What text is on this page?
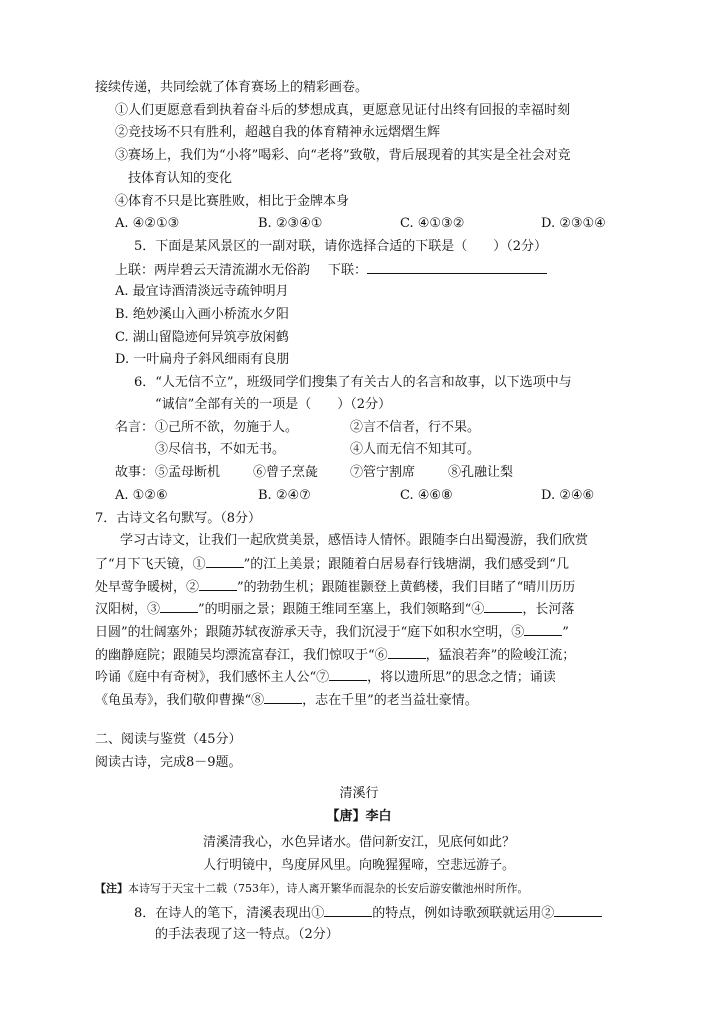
接续传递，共同绘就了体育赛场上的精彩画卷。
①人们更愿意看到执着奋斗后的梦想成真，更愿意见证付出终有回报的幸福时刻
②竞技场不只有胜利，超越自我的体育精神永远熠熠生辉
③赛场上，我们为“小将”喝彩、向“老将”致敬，背后展现着的其实是全社会对竞
技体育认知的变化
④体育不只是比赛胜败，相比于金牌本身
A. ④②①③	B. ②③④①	C. ④①③②	D. ②③①④
5．下面是某风景区的一副对联，请你选择合适的下联是（　　）（2分）
上联：两岸碧云天清流湖水无俗韵 下联：
A. 最宜诗酒清淡远寺疏钟明月
B. 绝妙溪山入画小桥流水夕阳
C. 湖山留隐迹何异筑亭放闲鹤
D. 一叶扁舟子斜风细雨有良朋
6．“人无信不立”，班级同学们搜集了有关古人的名言和故事，以下选项中与
“诚信”全部有关的一项是（　　）（2分）
名言： ①己所不欲，勿施于人。	②言不信者，行不果。
③尽信书，不如无书。	④人而无信不知其可。
故事： ⑤孟母断机	⑥曾子烹彘 ⑦管宁割席	⑧孔融让梨
A. ①②⑥	B. ②④⑦	C. ④⑥⑧	D. ②④⑥
7．古诗文名句默写。（8分）
学习古诗文，让我们一起欣赏美景，感悟诗人情怀。跟随李白出蜀漫游，我们欣赏
了“月下飞天镜，①	”的江上美景；跟随着白居易春行钱塘湖，我们感受到“几
处早莺争暖树，②	”的勃勃生机；跟随崔颢登上黄鹤楼，我们目睹了“晴川历历
汉阳树，③	”的明丽之景；跟随王维同至塞上，我们领略到“④	，长河落
日圆”的壮阔塞外；跟随苏轼夜游承天寺，我们沉浸于“庭下如积水空明，⑤	”
的幽静庭院；跟随吴均漂流富春江，我们惊叹于“⑥	，猛浪若奔”的险峻江流；
吟诵《庭中有奇树》，我们感怀主人公“⑦	，将以遗所思”的思念之情；诵读
《龟虽寿》，我们敬仰曹操“⑧	，志在千里”的老当益壮豪情。
二、阅读与鉴赏（45分）
阅读古诗，完成8－9题。
清溪行
【唐】李白
清溪清我心，水色异诸水。借问新安江，见底何如此？
人行明镜中，鸟度屏风里。向晚猩猩啼，空悲远游子。
【注】本诗写于天宝十二载（753年），诗人离开繁华而混杂的长安后游安徽池州时所作。
8．在诗人的笔下，清溪表现出①	的特点，例如诗歌颈联就运用②
的手法表现了这一特点。（2分）
